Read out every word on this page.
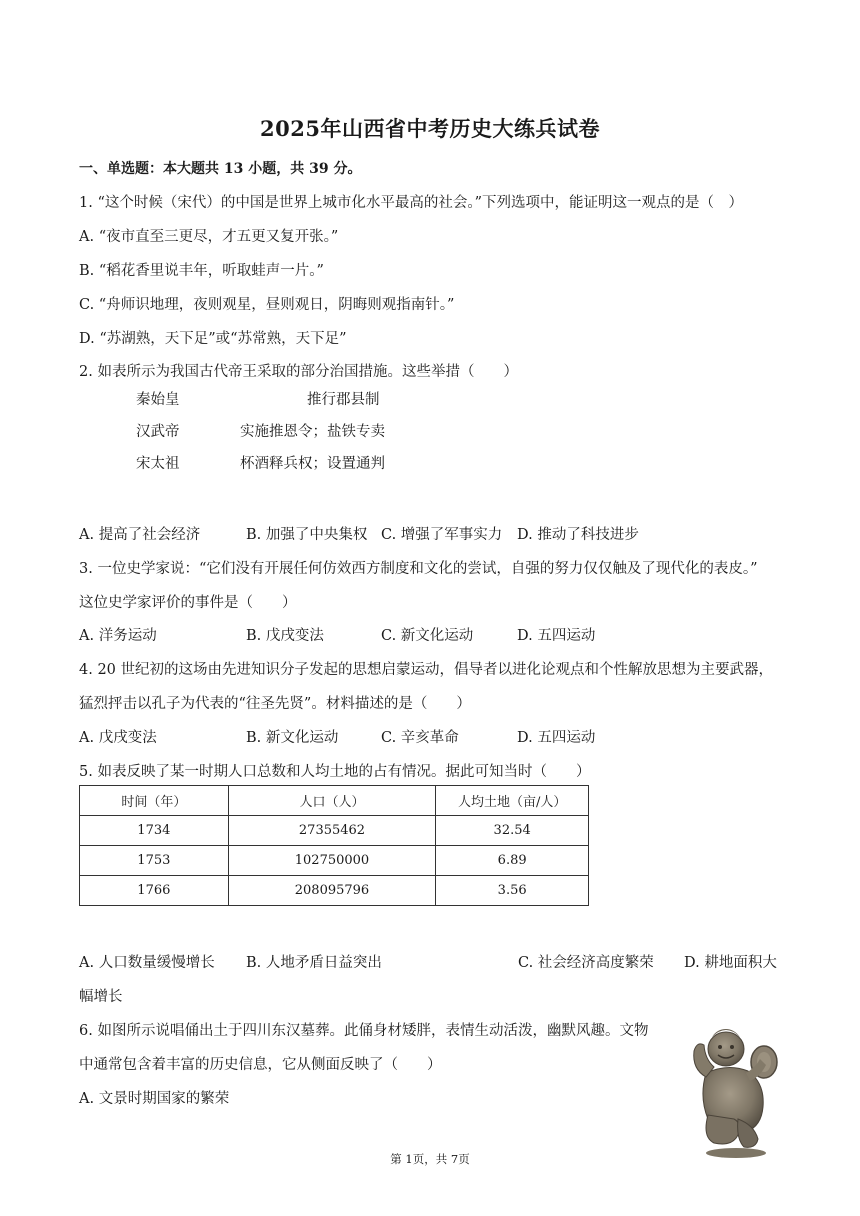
2025年山西省中考历史大练兵试卷
一、单选题：本大题共 13 小题，共 39 分。
1. “这个时候（宋代）的中国是世界上城市化水平最高的社会。”下列选项中，能证明这一观点的是（　）
A. “夜市直至三更尽，才五更又复开张。”
B. “稻花香里说丰年，听取蛙声一片。”
C. “舟师识地理，夜则观星，昼则观日，阴晦则观指南针。”
D. “苏湖熟，天下足”或“苏常熟，天下足”
2. 如表所示为我国古代帝王采取的部分治国措施。这些举措（　　）
秦始皇	推行郡县制
汉武帝	实施推恩令；盐铁专卖
宋太祖	杯酒释兵权；设置通判
A. 提高了社会经济	B. 加强了中央集权 C. 增强了军事实力 D. 推动了科技进步
3. 一位史学家说：“它们没有开展任何仿效西方制度和文化的尝试，自强的努力仅仅触及了现代化的表皮。”
这位史学家评价的事件是（　　）
A. 洋务运动	B. 戊戌变法	C. 新文化运动	D. 五四运动
4. 20 世纪初的这场由先进知识分子发起的思想启蒙运动，倡导者以进化论观点和个性解放思想为主要武器，
猛烈抨击以孔子为代表的“往圣先贤”。材料描述的是（　　）
A. 戊戌变法	B. 新文化运动	C. 辛亥革命	D. 五四运动
5. 如表反映了某一时期人口总数和人均土地的占有情况。据此可知当时（　　）
时间（年）	人口（人）	人均土地（亩/人）
1734	27355462	32.54
1753	102750000	6.89
1766	208095796	3.56
A. 人口数量缓慢增长 B. 人地矛盾日益突出	C. 社会经济高度繁荣 D. 耕地面积大
幅增长
6. 如图所示说唱俑出土于四川东汉墓葬。此俑身材矮胖，表情生动活泼，幽默风趣。文物
中通常包含着丰富的历史信息，它从侧面反映了（　　）
A. 文景时期国家的繁荣
第 1页，共 7页
